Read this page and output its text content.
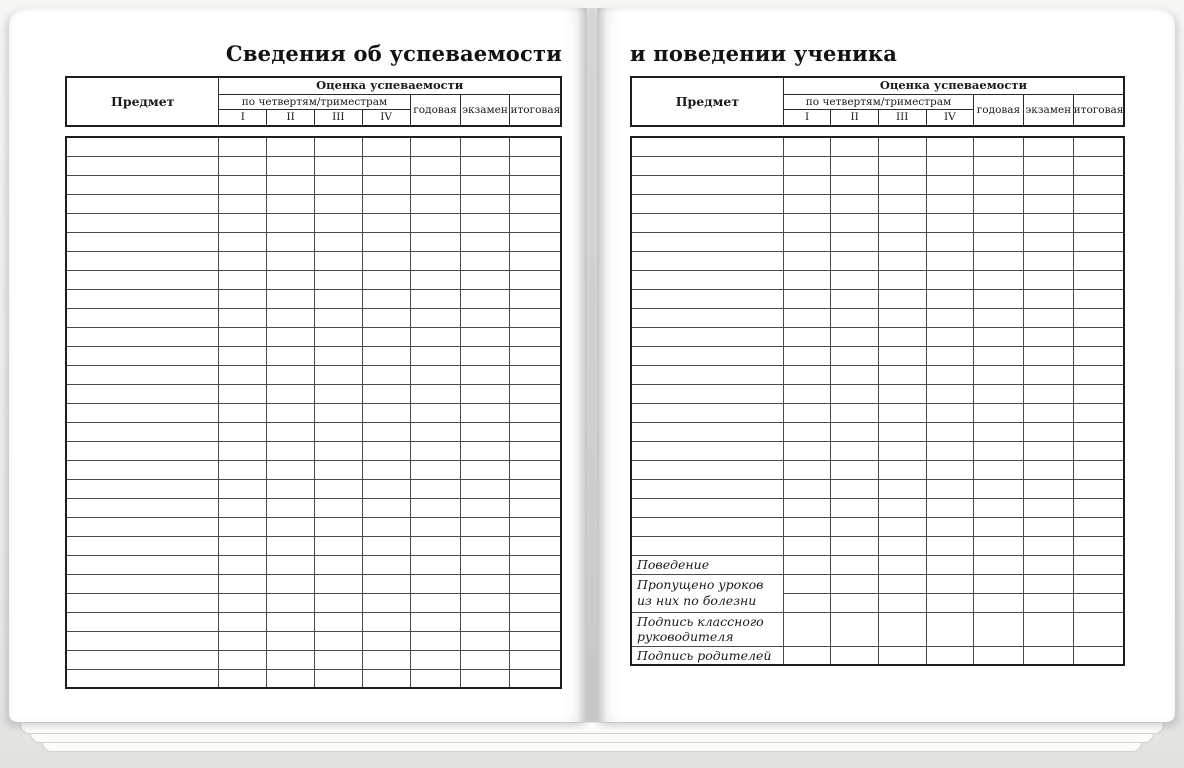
Сведения об успеваемости
Предмет	Оценка успеваемости						
	по четвертям/триместрам				годовая	экзамен	итоговая
	I	II	III	IV			

и поведении ученика
Предмет	Оценка успеваемости						
	по четвертям/триместрам				годовая	экзамен	итоговая
	I	II	III	IV			

Поведение							
Пропущено уроков
из них по болезни							

Подпись классного
руководителя							
Подпись родителей							
